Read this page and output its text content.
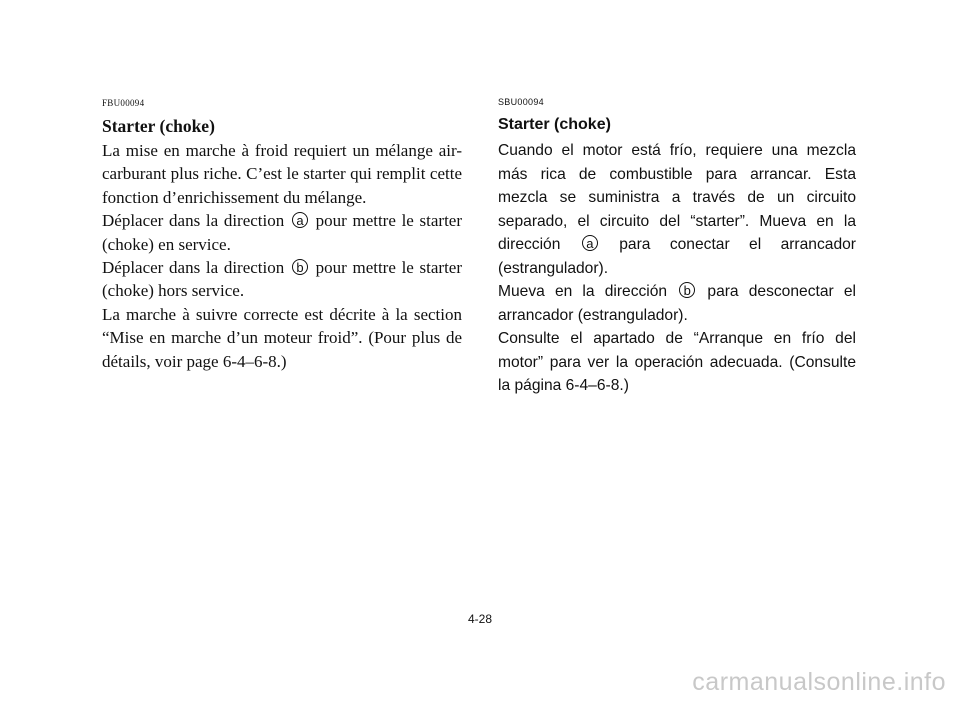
FBU00094
Starter (choke)

La mise en marche à froid requiert un mélange air-carburant plus riche. C’est le starter qui remplit cette fonction d’enrichissement du mélange.

Déplacer dans la direction a pour mettre le starter (choke) en service.

Déplacer dans la direction b pour mettre le starter (choke) hors service.

La marche à suivre correcte est décrite à la section “Mise en marche d’un moteur froid”. (Pour plus de détails, voir page 6-4–6-8.)

SBU00094
Starter (choke)

Cuando el motor está frío, requiere una mezcla más rica de combustible para arrancar. Esta mezcla se suministra a través de un circuito separado, el circuito del “starter”. Mueva en la dirección a para conectar el arrancador (estrangulador).

Mueva en la dirección b para desconectar el arrancador (estrangulador).

Consulte el apartado de “Arranque en frío del motor” para ver la operación adecuada. (Consulte la página 6-4–6-8.)

4-28
carmanualsonline.info
